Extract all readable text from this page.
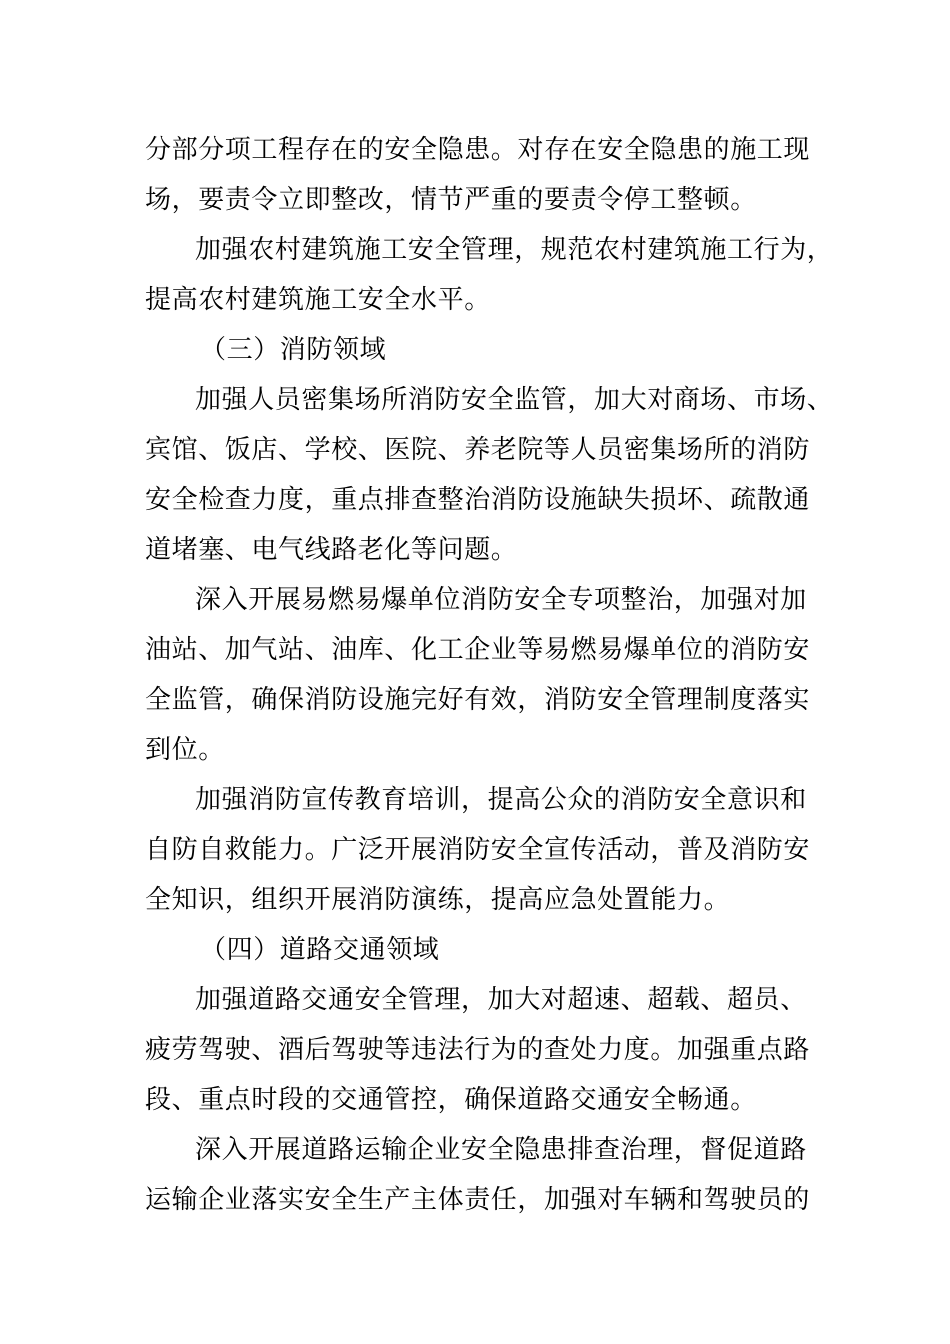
分部分项工程存在的安全隐患。对存在安全隐患的施工现
场，要责令立即整改，情节严重的要责令停工整顿。
加强农村建筑施工安全管理，规范农村建筑施工行为，
提高农村建筑施工安全水平。
（三）消防领域
加强人员密集场所消防安全监管，加大对商场、市场、
宾馆、饭店、学校、医院、养老院等人员密集场所的消防
安全检查力度，重点排查整治消防设施缺失损坏、疏散通
道堵塞、电气线路老化等问题。
深入开展易燃易爆单位消防安全专项整治，加强对加
油站、加气站、油库、化工企业等易燃易爆单位的消防安
全监管，确保消防设施完好有效，消防安全管理制度落实
到位。
加强消防宣传教育培训，提高公众的消防安全意识和
自防自救能力。广泛开展消防安全宣传活动，普及消防安
全知识，组织开展消防演练，提高应急处置能力。
（四）道路交通领域
加强道路交通安全管理，加大对超速、超载、超员、
疲劳驾驶、酒后驾驶等违法行为的查处力度。加强重点路
段、重点时段的交通管控，确保道路交通安全畅通。
深入开展道路运输企业安全隐患排查治理，督促道路
运输企业落实安全生产主体责任，加强对车辆和驾驶员的
